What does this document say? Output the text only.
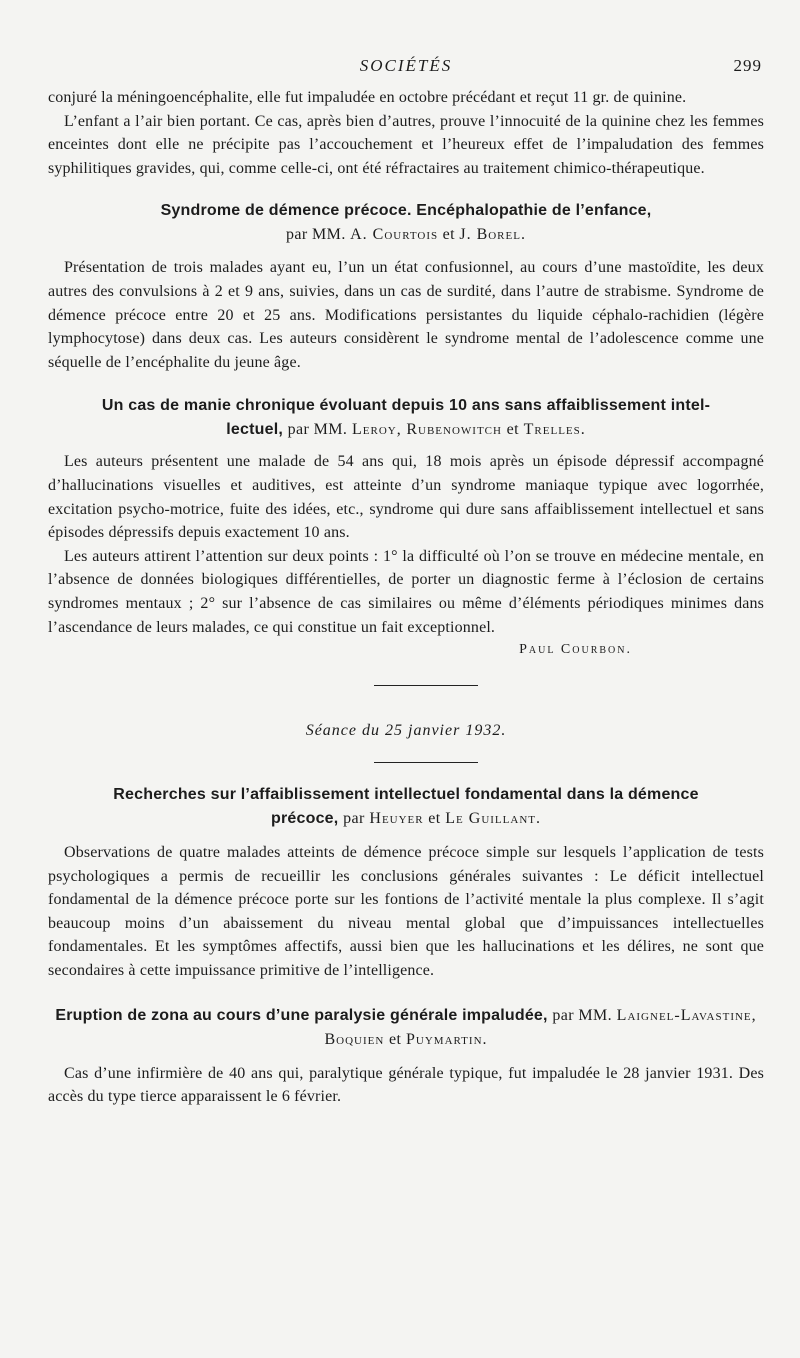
SOCIÉTÉS	299

conjuré la méningoencéphalite, elle fut impaludée en octobre précédant et reçut 11 gr. de quinine.

L’enfant a l’air bien portant. Ce cas, après bien d’autres, prouve l’innocuité de la quinine chez les femmes enceintes dont elle ne précipite pas l’accouchement et l’heureux effet de l’impaludation des femmes syphilitiques gravides, qui, comme celle-ci, ont été réfractaires au traitement chimico-thérapeutique.

Syndrome de démence précoce. Encéphalopathie de l’enfance,
par MM. A. Courtois et J. Borel.

Présentation de trois malades ayant eu, l’un un état confusionnel, au cours d’une mastoïdite, les deux autres des convulsions à 2 et 9 ans, suivies, dans un cas de surdité, dans l’autre de strabisme. Syndrome de démence précoce entre 20 et 25 ans. Modifications persistantes du liquide céphalo-rachidien (légère lymphocytose) dans deux cas. Les auteurs considèrent le syndrome mental de l’adolescence comme une séquelle de l’encéphalite du jeune âge.

Un cas de manie chronique évoluant depuis 10 ans sans affaiblissement intel-
lectuel, par MM. Leroy, Rubenowitch et Trelles.

Les auteurs présentent une malade de 54 ans qui, 18 mois après un épisode dépressif accompagné d’hallucinations visuelles et auditives, est atteinte d’un syndrome maniaque typique avec logorrhée, excitation psycho-motrice, fuite des idées, etc., syndrome qui dure sans affaiblissement intellectuel et sans épisodes dépressifs depuis exactement 10 ans.

Les auteurs attirent l’attention sur deux points : 1° la difficulté où l’on se trouve en médecine mentale, en l’absence de données biologiques différentielles, de porter un diagnostic ferme à l’éclosion de certains syndromes mentaux ; 2° sur l’absence de cas similaires ou même d’éléments périodiques minimes dans l’ascendance de leurs malades, ce qui constitue un fait exceptionnel.

Paul Courbon.
Séance du 25 janvier 1932.
Recherches sur l’affaiblissement intellectuel fondamental dans la démence
précoce, par Heuyer et Le Guillant.

Observations de quatre malades atteints de démence précoce simple sur lesquels l’application de tests psychologiques a permis de recueillir les conclusions générales suivantes : Le déficit intellectuel fondamental de la démence précoce porte sur les fontions de l’activité mentale la plus complexe. Il s’agit beaucoup moins d’un abaissement du niveau mental global que d’impuissances intellectuelles fondamentales. Et les symptômes affectifs, aussi bien que les hallucinations et les délires, ne sont que secondaires à cette impuissance primitive de l’intelligence.

Eruption de zona au cours d’une paralysie générale impaludée, par MM. Laignel-Lavastine, Boquien et Puymartin.

Cas d’une infirmière de 40 ans qui, paralytique générale typique, fut impaludée le 28 janvier 1931. Des accès du type tierce apparaissent le 6 février.
